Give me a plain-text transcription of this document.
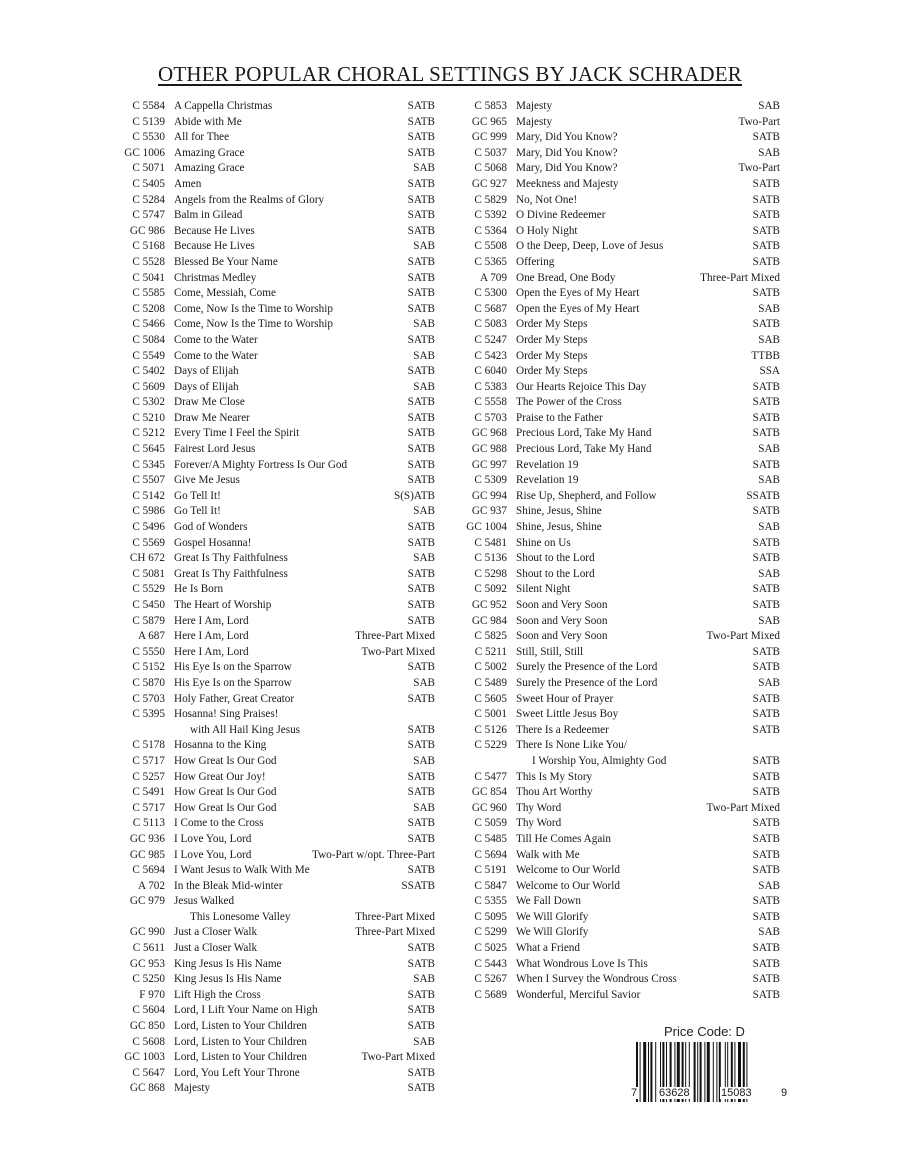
OTHER POPULAR CHORAL SETTINGS BY JACK SCHRADER
C 5584 A Cappella Christmas	SATB
C 5139 Abide with Me	SATB
C 5530 All for Thee	SATB
GC 1006 Amazing Grace	SATB
C 5071 Amazing Grace	SAB
C 5405 Amen	SATB
C 5284 Angels from the Realms of Glory	SATB
C 5747 Balm in Gilead	SATB
GC 986 Because He Lives	SATB
C 5168 Because He Lives	SAB
C 5528 Blessed Be Your Name	SATB
C 5041 Christmas Medley	SATB
C 5585 Come, Messiah, Come	SATB
C 5208 Come, Now Is the Time to Worship	SATB
C 5466 Come, Now Is the Time to Worship	SAB
C 5084 Come to the Water	SATB
C 5549 Come to the Water	SAB
C 5402 Days of Elijah	SATB
C 5609 Days of Elijah	SAB
C 5302 Draw Me Close	SATB
C 5210 Draw Me Nearer	SATB
C 5212 Every Time I Feel the Spirit	SATB
C 5645 Fairest Lord Jesus	SATB
C 5345 Forever/A Mighty Fortress Is Our God	SATB
C 5507 Give Me Jesus	SATB
C 5142 Go Tell It!	S(S)ATB
C 5986 Go Tell It!	SAB
C 5496 God of Wonders	SATB
C 5569 Gospel Hosanna!	SATB
CH 672 Great Is Thy Faithfulness	SAB
C 5081 Great Is Thy Faithfulness	SATB
C 5529 He Is Born	SATB
C 5450 The Heart of Worship	SATB
C 5879 Here I Am, Lord	SATB
A 687 Here I Am, Lord	Three-Part Mixed
C 5550 Here I Am, Lord	Two-Part Mixed
C 5152 His Eye Is on the Sparrow	SATB
C 5870 His Eye Is on the Sparrow	SAB
C 5703 Holy Father, Great Creator	SATB
C 5395 Hosanna! Sing Praises!
with All Hail King Jesus	SATB
C 5178 Hosanna to the King	SATB
C 5717 How Great Is Our God	SAB
C 5257 How Great Our Joy!	SATB
C 5491 How Great Is Our God	SATB
C 5717 How Great Is Our God	SAB
C 5113 I Come to the Cross	SATB
GC 936 I Love You, Lord	SATB
GC 985 I Love You, Lord	Two-Part w/opt. Three-Part
C 5694 I Want Jesus to Walk With Me	SATB
A 702 In the Bleak Mid-winter	SSATB
GC 979 Jesus Walked
This Lonesome Valley	Three-Part Mixed
GC 990 Just a Closer Walk	Three-Part Mixed
C 5611 Just a Closer Walk	SATB
GC 953 King Jesus Is His Name	SATB
C 5250 King Jesus Is His Name	SAB
F 970 Lift High the Cross	SATB
C 5604 Lord, I Lift Your Name on High	SATB
GC 850 Lord, Listen to Your Children	SATB
C 5608 Lord, Listen to Your Children	SAB
GC 1003 Lord, Listen to Your Children	Two-Part Mixed
C 5647 Lord, You Left Your Throne	SATB
GC 868 Majesty	SATB
C 5853 Majesty	SAB
GC 965 Majesty	Two-Part
GC 999 Mary, Did You Know?	SATB
C 5037 Mary, Did You Know?	SAB
C 5068 Mary, Did You Know?	Two-Part
GC 927 Meekness and Majesty	SATB
C 5829 No, Not One!	SATB
C 5392 O Divine Redeemer	SATB
C 5364 O Holy Night	SATB
C 5508 O the Deep, Deep, Love of Jesus	SATB
C 5365 Offering	SATB
A 709 One Bread, One Body	Three-Part Mixed
C 5300 Open the Eyes of My Heart	SATB
C 5687 Open the Eyes of My Heart	SAB
C 5083 Order My Steps	SATB
C 5247 Order My Steps	SAB
C 5423 Order My Steps	TTBB
C 6040 Order My Steps	SSA
C 5383 Our Hearts Rejoice This Day	SATB
C 5558 The Power of the Cross	SATB
C 5703 Praise to the Father	SATB
GC 968 Precious Lord, Take My Hand	SATB
GC 988 Precious Lord, Take My Hand	SAB
GC 997 Revelation 19	SATB
C 5309 Revelation 19	SAB
GC 994 Rise Up, Shepherd, and Follow	SSATB
GC 937 Shine, Jesus, Shine	SATB
GC 1004 Shine, Jesus, Shine	SAB
C 5481 Shine on Us	SATB
C 5136 Shout to the Lord	SATB
C 5298 Shout to the Lord	SAB
C 5092 Silent Night	SATB
GC 952 Soon and Very Soon	SATB
GC 984 Soon and Very Soon	SAB
C 5825 Soon and Very Soon	Two-Part Mixed
C 5211 Still, Still, Still	SATB
C 5002 Surely the Presence of the Lord	SATB
C 5489 Surely the Presence of the Lord	SAB
C 5605 Sweet Hour of Prayer	SATB
C 5001 Sweet Little Jesus Boy	SATB
C 5126 There Is a Redeemer	SATB
C 5229 There Is None Like You/
I Worship You, Almighty God	SATB
C 5477 This Is My Story	SATB
GC 854 Thou Art Worthy	SATB
GC 960 Thy Word	Two-Part Mixed
C 5059 Thy Word	SATB
C 5485 Till He Comes Again	SATB
C 5694 Walk with Me	SATB
C 5191 Welcome to Our World	SATB
C 5847 Welcome to Our World	SAB
C 5355 We Fall Down	SATB
C 5095 We Will Glorify	SATB
C 5299 We Will Glorify	SAB
C 5025 What a Friend	SATB
C 5443 What Wondrous Love Is This	SATB
C 5267 When I Survey the Wondrous Cross	SATB
C 5689 Wonderful, Merciful Savior	SATB
Price Code: D
7 63628	15083	9
